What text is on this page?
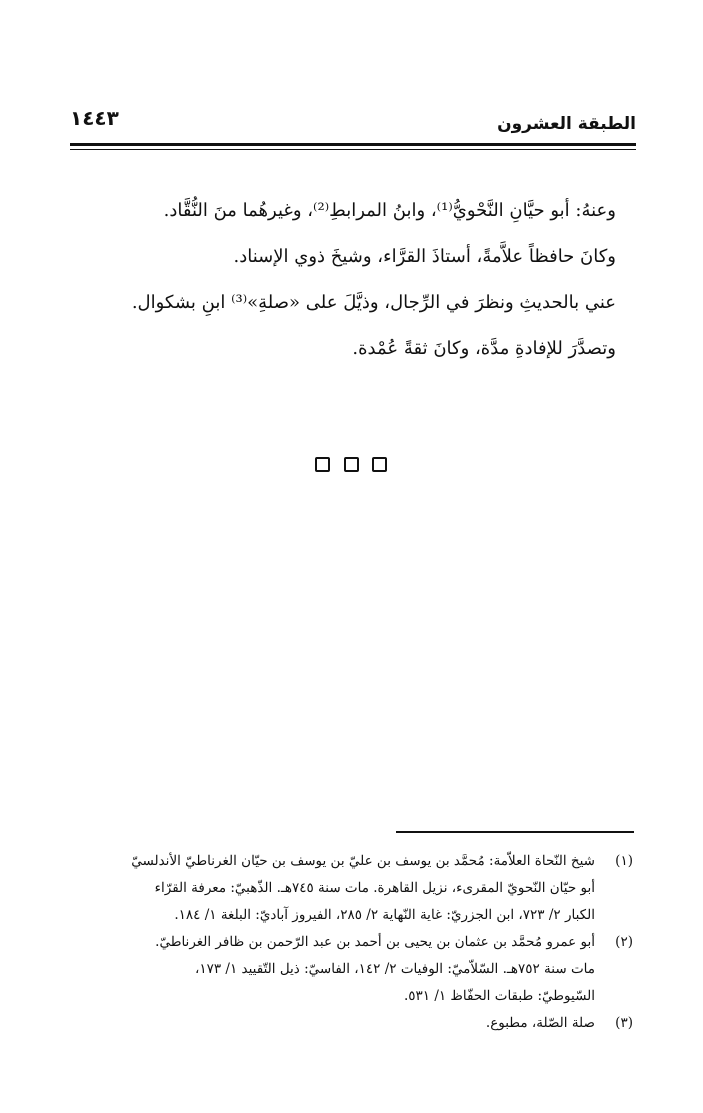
الطبقة العشرون
١٤٤٣
وعنهُ: أبو حيَّانِ النَّحْويُّ⁽¹⁾، وابنُ المرابطِ⁽²⁾، وغيرهُما منَ النُّقَّاد.
وكانَ حافظاً علاَّمةً، أستاذَ القرَّاء، وشيخَ ذوي الإسناد.
عني بالحديثِ ونظرَ في الرِّجال، وذيَّلَ على «صلةِ»⁽³⁾ ابنِ بشكوال.
وتصدَّرَ للإفادةِ مدَّة، وكانَ ثقةً عُمْدة.
(١)
شيخ النّحاة العلاّمة: مُحمَّد بن يوسف بن عليّ بن يوسف بن حيّان الغرناطيّ الأندلسيّ
أبو حيّان النّحويّ المقرىء، نزيل القاهرة. مات سنة ٧٤٥هـ. الذّهبيّ: معرفة القرّاء
الكبار ٢/ ٧٢٣، ابن الجزريّ: غاية النّهاية ٢/ ٢٨٥، الفيروز آباديّ: البلغة ١/ ١٨٤.
(٢)
أبو عمرو مُحمَّد بن عثمان بن يحيى بن أحمد بن عبد الرّحمن بن ظافر الغرناطيّ.
مات سنة ٧٥٢هـ. السّلاّميّ: الوفيات ٢/ ١٤٢، الفاسيّ: ذيل التّقييد ١/ ١٧٣،
السّيوطيّ: طبقات الحفّاظ ١/ ٥٣١.
(٣)
صلة الصّلة، مطبوع.
